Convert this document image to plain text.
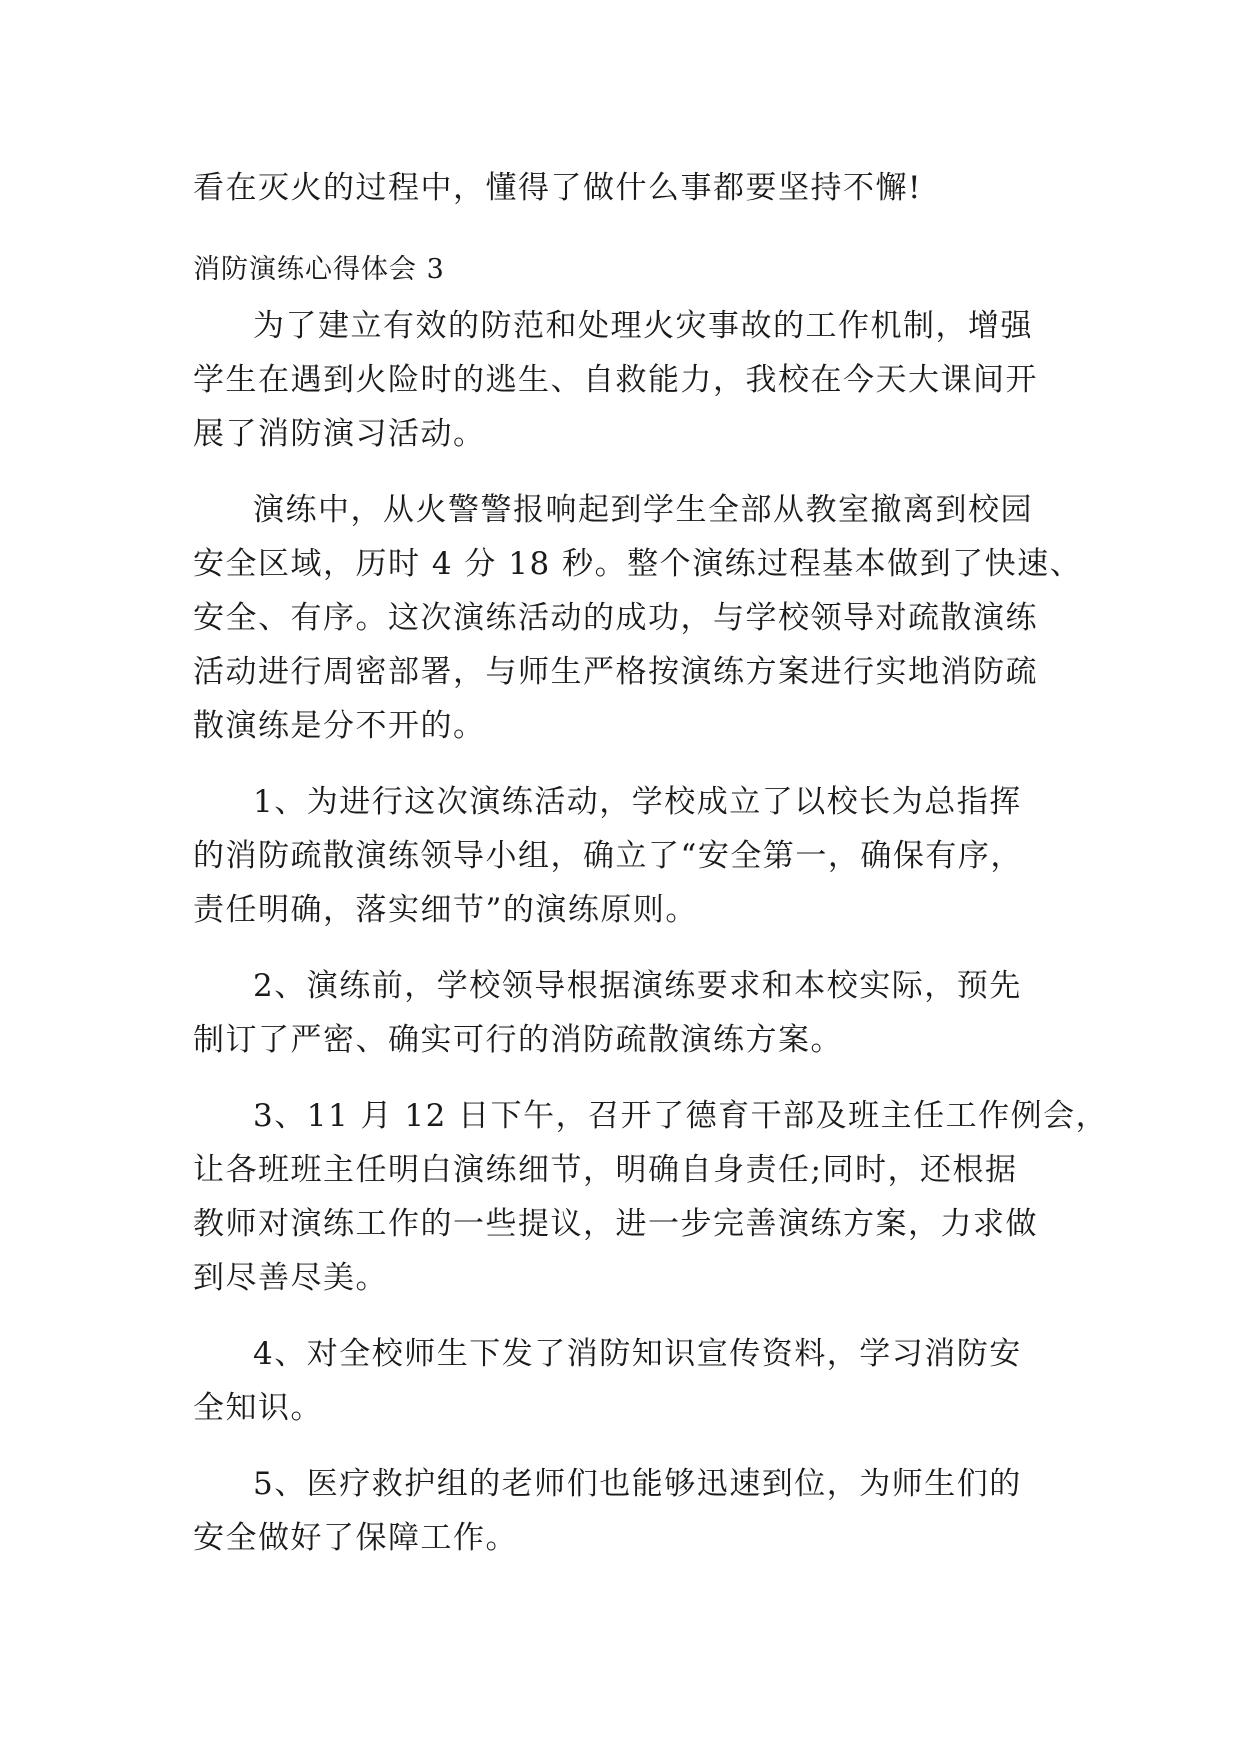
看在灭火的过程中，懂得了做什么事都要坚持不懈!
消防演练心得体会 3
为了建立有效的防范和处理火灾事故的工作机制，增强
学生在遇到火险时的逃生、自救能力，我校在今天大课间开
展了消防演习活动。
演练中，从火警警报响起到学生全部从教室撤离到校园
安全区域，历时 4 分 18 秒。整个演练过程基本做到了快速、
安全、有序。这次演练活动的成功，与学校领导对疏散演练
活动进行周密部署，与师生严格按演练方案进行实地消防疏
散演练是分不开的。
1、为进行这次演练活动，学校成立了以校长为总指挥
的消防疏散演练领导小组，确立了“安全第一，确保有序，
责任明确，落实细节”的演练原则。
2、演练前，学校领导根据演练要求和本校实际，预先
制订了严密、确实可行的消防疏散演练方案。
3、11 月 12 日下午，召开了德育干部及班主任工作例会，
让各班班主任明白演练细节，明确自身责任;同时，还根据
教师对演练工作的一些提议，进一步完善演练方案，力求做
到尽善尽美。
4、对全校师生下发了消防知识宣传资料，学习消防安
全知识。
5、医疗救护组的老师们也能够迅速到位，为师生们的
安全做好了保障工作。
